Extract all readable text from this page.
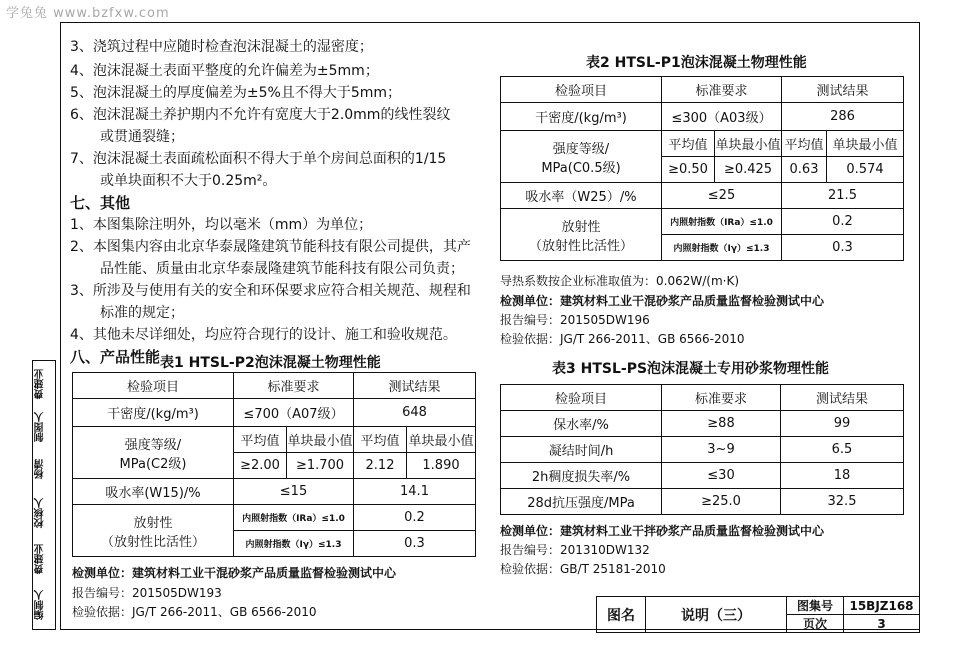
学兔兔 www.bzfxw.com
3、浇筑过程中应随时检查泡沫混凝土的湿密度；
4、泡沫混凝土表面平整度的允许偏差为±5mm；
5、泡沫混凝土的厚度偏差为±5%且不得大于5mm；
6、泡沫混凝土养护期内不允许有宽度大于2.0mm的线性裂纹
或贯通裂缝；
7、泡沫混凝土表面疏松面积不得大于单个房间总面积的1/15
或单块面积不大于0.25m²。
七、其他
1、本图集除注明外，均以毫米（mm）为单位；
2、本图集内容由北京华泰晟隆建筑节能科技有限公司提供，其产
品性能、质量由北京华泰晟隆建筑节能科技有限公司负责；
3、所涉及与使用有关的安全和环保要求应符合相关规范、规程和
标准的规定；
4、其他未尽详细处，均应符合现行的设计、施工和验收规范。
八、产品性能 表1 HTSL-P2泡沫混凝土物理性能
检验项目	标准要求		测试结果	
干密度/(kg/m³)	≤700（A07级）		648	
强度等级/
MPa(C2级)	平均值	单块最小值	平均值	单块最小值
	≥2.00	≥1.700	2.12	1.890
吸水率(W15)/%	≤15		14.1	
放射性
（放射性比活性）	内照射指数（IRa）≤1.0		0.2	
	内照射指数（Iγ）≤1.3		0.3	
检测单位：建筑材料工业干混砂浆产品质量监督检验测试中心
报告编号：201505DW193
检验依据：JG/T 266-2011、GB 6566-2010
表2 HTSL-P1泡沫混凝土物理性能
检验项目	标准要求		测试结果	
干密度/(kg/m³)	≤300（A03级）		286	
强度等级/
MPa(C0.5级)	平均值	单块最小值	平均值	单块最小值
	≥0.50	≥0.425	0.63	0.574
吸水率（W25）/%	≤25		21.5	
放射性
（放射性比活性）	内照射指数（IRa）≤1.0		0.2	
	内照射指数（Iγ）≤1.3		0.3	
导热系数按企业标准取值为：0.062W/(m·K)
检测单位：建筑材料工业干混砂浆产品质量监督检验测试中心
报告编号：201505DW196
检验依据：JG/T 266-2011、GB 6566-2010
表3 HTSL-PS泡沫混凝土专用砂浆物理性能
检验项目	标准要求	测试结果
保水率/%	≥88	99
凝结时间/h	3~9	6.5
2h稠度损失率/%	≤30	18
28d抗压强度/MPa	≥25.0	32.5
检测单位：建筑材料工业干拌砂浆产品质量监督检验测试中心
报告编号：201310DW132
检验依据：GB/T 25181-2010
费建业
制图人
杨清
校核人
费建业
编制人	图名	说明（三）	图集号	15BJZ168
		页次	3
